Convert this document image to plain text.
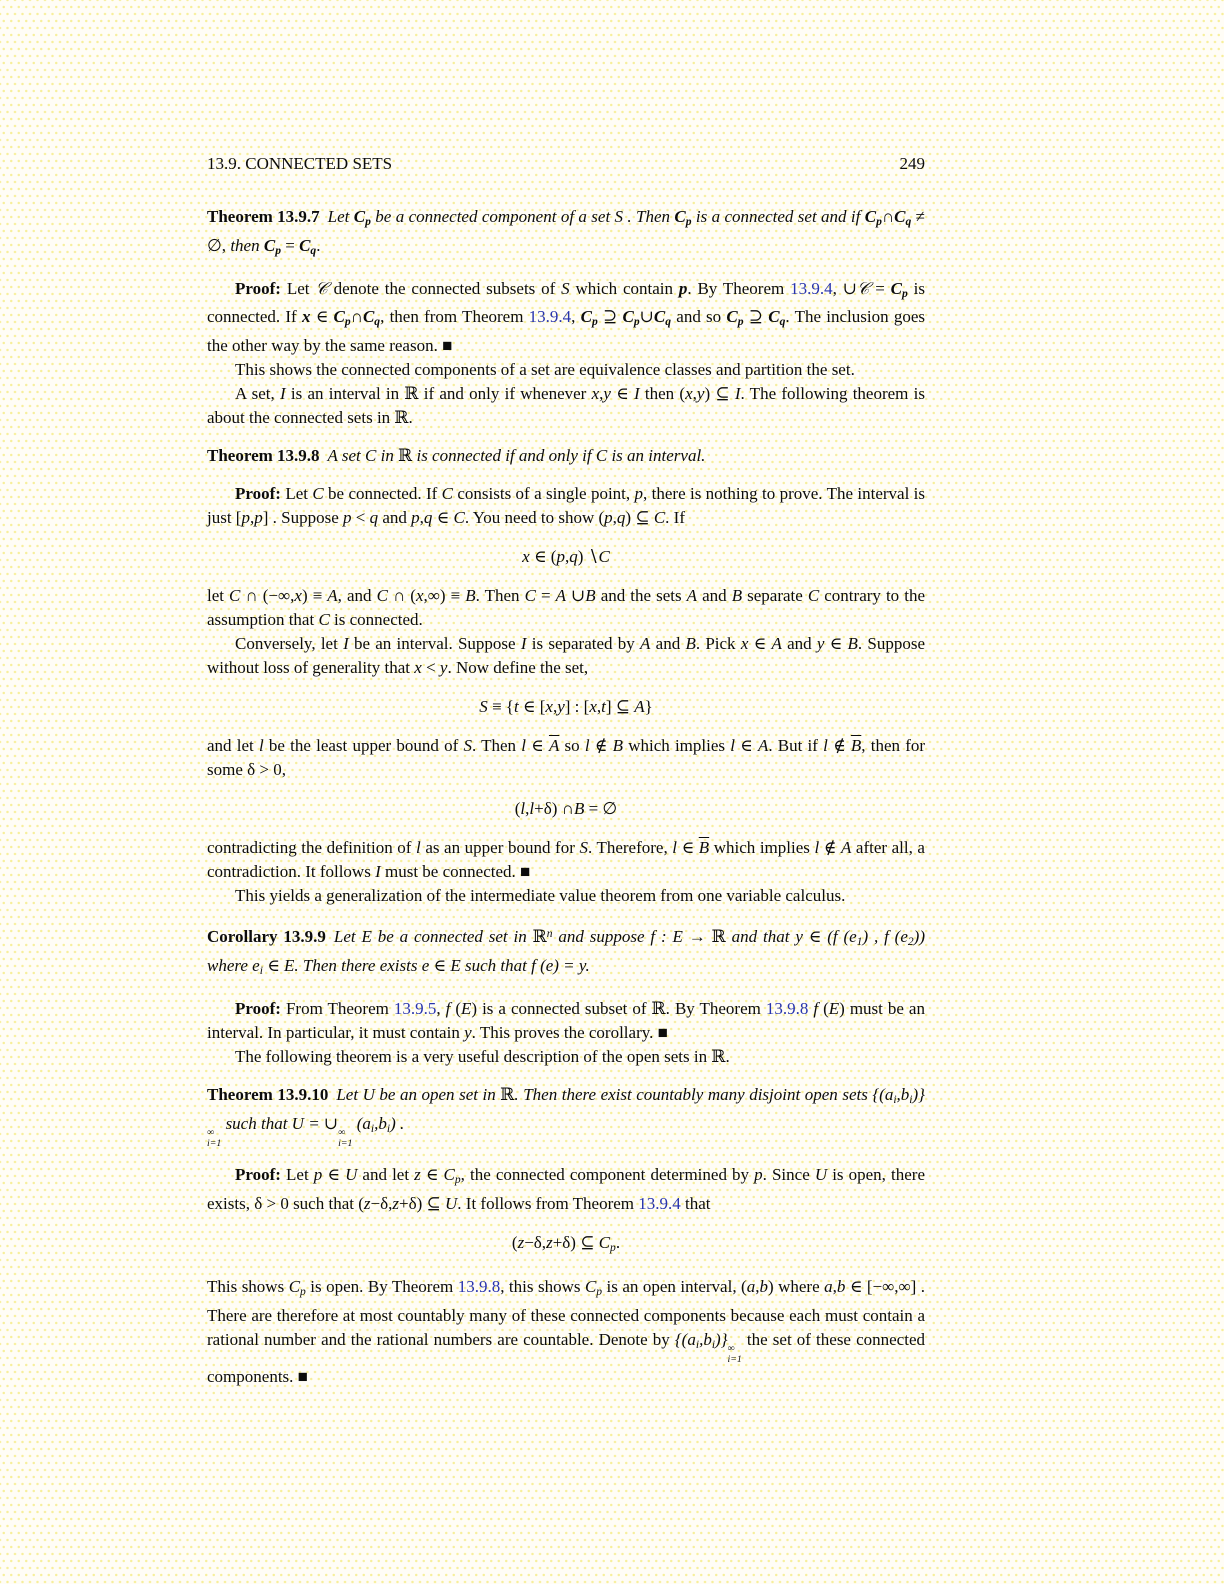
13.9. CONNECTED SETS	249
Theorem 13.9.7 Let Cp be a connected component of a set S . Then Cp is a connected set and if Cp∩Cq ≠ ∅, then Cp = Cq.
Proof: Let 𝒞 denote the connected subsets of S which contain p. By Theorem 13.9.4, ∪𝒞 = Cp is connected. If x ∈ Cp∩Cq, then from Theorem 13.9.4, Cp ⊇ Cp∪Cq and so Cp ⊇ Cq. The inclusion goes the other way by the same reason. ■
This shows the connected components of a set are equivalence classes and partition the set.
A set, I is an interval in ℝ if and only if whenever x,y ∈ I then (x,y) ⊆ I. The following theorem is about the connected sets in ℝ.
Theorem 13.9.8 A set C in ℝ is connected if and only if C is an interval.
Proof: Let C be connected. If C consists of a single point, p, there is nothing to prove. The interval is just [p,p] . Suppose p < q and p,q ∈ C. You need to show (p,q) ⊆ C. If
x ∈ (p,q) ∖C
let C ∩ (−∞,x) ≡ A, and C ∩ (x,∞) ≡ B. Then C = A ∪B and the sets A and B separate C contrary to the assumption that C is connected.
Conversely, let I be an interval. Suppose I is separated by A and B. Pick x ∈ A and y ∈ B. Suppose without loss of generality that x < y. Now define the set,
S ≡ {t ∈ [x,y] : [x,t] ⊆ A}
and let l be the least upper bound of S. Then l ∈ $\overline{A}$ so l ∉ B which implies l ∈ A. But if l ∉ $\overline{B}$, then for some δ > 0,
(l,l+δ) ∩B = ∅
contradicting the definition of l as an upper bound for S. Therefore, l ∈ $\overline{B}$ which implies l ∉ A after all, a contradiction. It follows I must be connected. ■
This yields a generalization of the intermediate value theorem from one variable calculus.
Corollary 13.9.9 Let E be a connected set in ℝ$^n$ and suppose f : E → ℝ and that y ∈ (f (e1) , f (e2)) where ei ∈ E. Then there exists e ∈ E such that f (e) = y.
Proof: From Theorem 13.9.5, f (E) is a connected subset of ℝ. By Theorem 13.9.8 f (E) must be an interval. In particular, it must contain y. This proves the corollary. ■
The following theorem is a very useful description of the open sets in ℝ.
Theorem 13.9.10 Let U be an open set in ℝ. Then there exist countably many disjoint open sets {(ai,bi)}
∞
i=1
such that U = ∪ ∞
i=1
(ai,bi) .
Proof: Let p ∈ U and let z ∈ Cp, the connected component determined by p. Since U is open, there exists, δ > 0 such that (z−δ,z+δ) ⊆ U. It follows from Theorem 13.9.4 that
(z−δ,z+δ) ⊆ Cp.
This shows Cp is open. By Theorem 13.9.8, this shows Cp is an open interval, (a,b) where a,b ∈ [−∞,∞] . There are therefore at most countably many of these connected components because each must contain a rational number and the rational numbers are countable. Denote by {(ai,bi)} ∞
i=1
the set of these connected components. ■
